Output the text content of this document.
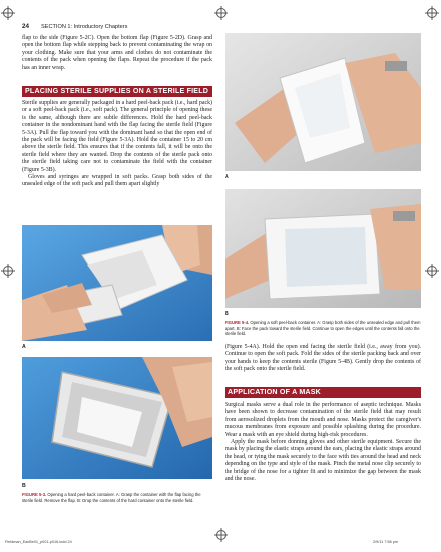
24 SECTION 1: Introductory Chapters

flap to the side (Figure 5-2C). Open the bottom flap (Figure 5-2D). Grasp and open the bottom flap while stepping back to prevent contaminating the wrap on your clothing. Make sure that your arms and clothes do not contaminate the contents of the pack when opening the flaps. Repeat the procedure if the pack has an inner wrap.

PLACING STERILE SUPPLIES ON A STERILE FIELD

Sterile supplies are generally packaged in a hard peel-back pack (i.e., hard pack) or a soft peel-back pack (i.e., soft pack). The general principle of opening these is the same, although there are subtle differences. Hold the hard peel-back container in the nondominant hand with the flap facing the sterile field (Figure 5-3A). Pull the flap toward you with the dominant hand so that the open end of the pack will be facing the field (Figure 5-3A). Hold the container 15 to 20 cm above the sterile field. This ensures that if the contents fall, it will be onto the sterile field where they are wanted. Drop the contents of the sterile pack onto the sterile field taking care not to contaminate the field with the container (Figure 5-3B).

Gloves and syringes are wrapped in soft packs. Grasp both sides of the unsealed edge of the soft pack and pull them apart slightly

A
B
FIGURE 5-3. Opening a hard peel-back container. A: Grasp the container with the flap facing the sterile field. Remove the flap. B: Drop the contents of the hard container onto the sterile field.
A
B
FIGURE 5-4. Opening a soft peel-back container. A: Grasp both sides of the unsealed edge and pull them apart. B: Face the pack toward the sterile field. Continue to open the edges until the contents fall onto the sterile field.

(Figure 5-4A). Hold the open end facing the sterile field (i.e., away from you). Continue to open the soft pack. Fold the sides of the sterile packing back and over your hands to keep the contents sterile (Figure 5-4B). Gently drop the contents of the soft pack onto the sterile field.

APPLICATION OF A MASK

Surgical masks serve a dual role in the performance of aseptic technique. Masks have been shown to decrease contamination of the sterile field that may result from aerosolized droplets from the mouth and nose. Masks protect the caregiver's mucous membranes from exposure and possible splashing during the procedure. Wear a mask with an eye shield during high-risk procedures.

Apply the mask before donning gloves and other sterile equipment. Secure the mask by placing the elastic straps around the ears, placing the elastic straps around the head, or tying the mask securely to the face with ties around the head and neck depending on the type and style of the mask. Pinch the metal nose clip securely to the bridge of the nose for a tighter fit and to minimize the gap between the mask and the nose.

Fieldman_Ead5e01_p001-p016.indd 24	2/9/11 7:56 pm
